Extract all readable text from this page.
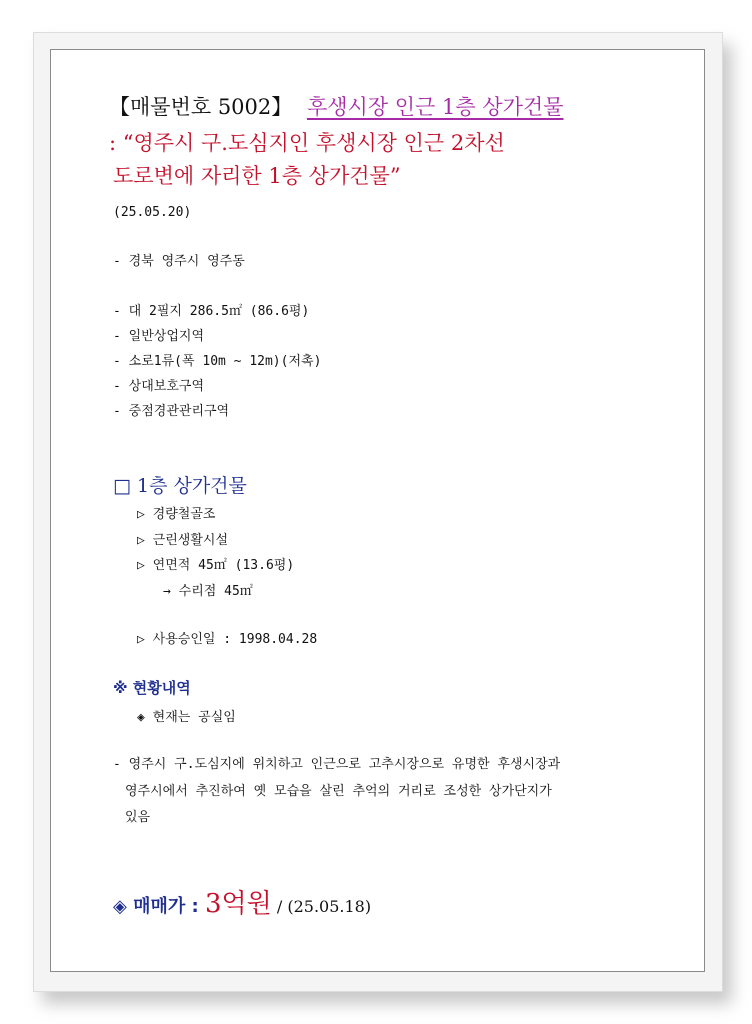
【매물번호 5002】 후생시장 인근 1층 상가건물
: “영주시 구.도심지인 후생시장 인근 2차선
도로변에 자리한 1층 상가건물”
(25.05.20)
- 경북 영주시 영주동
- 대 2필지 286.5㎡ (86.6평)
- 일반상업지역
- 소로1류(폭 10m ~ 12m)(저촉)
- 상대보호구역
- 중점경관관리구역
□ 1층 상가건물
▷ 경량철골조
▷ 근린생활시설
▷ 연면적 45㎡ (13.6평)
→ 수리점 45㎡
▷ 사용승인일 : 1998.04.28
※ 현황내역
◈ 현재는 공실임
- 영주시 구.도심지에 위치하고 인근으로 고추시장으로 유명한 후생시장과
영주시에서 추진하여 옛 모습을 살린 추억의 거리로 조성한 상가단지가
있음
◈ 매매가 : 3억원 / (25.05.18)
